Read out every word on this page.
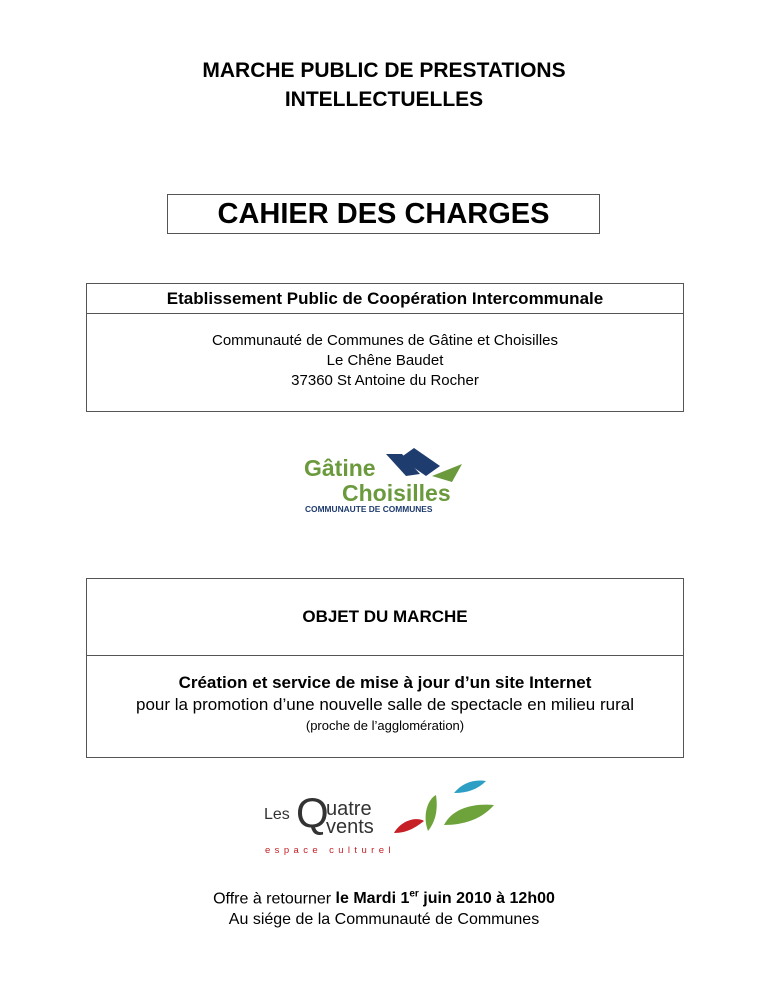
MARCHE PUBLIC DE PRESTATIONS
INTELLECTUELLES
CAHIER DES CHARGES
Etablissement Public de Coopération Intercommunale
Communauté de Communes de Gâtine et Choisilles
Le Chêne Baudet
37360 St Antoine du Rocher
Gâtine
Choisilles
COMMUNAUTE DE COMMUNES
OBJET DU MARCHE
Création et service de mise à jour d’un site Internet
pour la promotion d’une nouvelle salle de spectacle en milieu rural
(proche de l’agglomération)
Les Q
uatre
vents
espace culturel
Offre à retourner le Mardi 1er juin 2010 à 12h00
Au siége de la Communauté de Communes
